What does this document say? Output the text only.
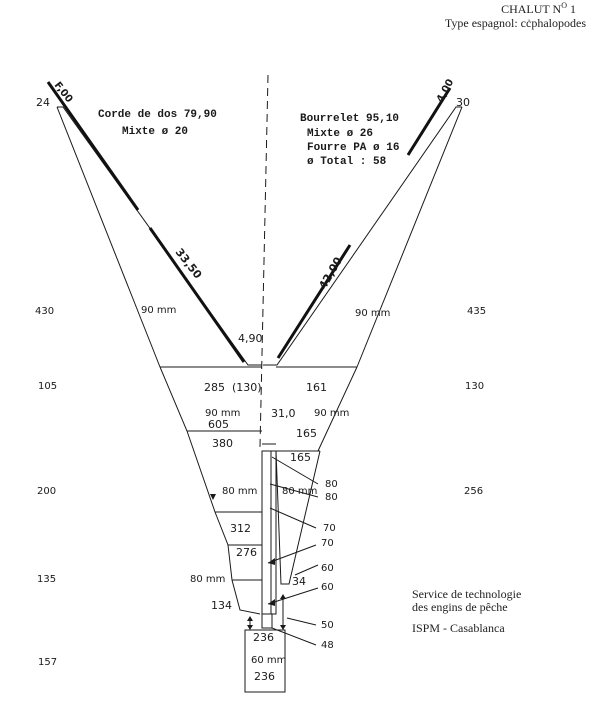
CHALUT $N^O$ 1
Type espagnol: cċphalopodes
24 F,00	30
4,00
Corde de dos 79,90
Mixte ø 20
Bourrelet 95,10
Mixte ø 26
Fourre PA ø 16
ø Total : 58
33,50	42,00
4,90
90 mm	90 mm
90 mm	90 mm
80 mm 80 mm
80 mm
60 mm
285 (130)	161
605
31,0
165
380
165
312
276
34
134
236
236
430
105
200
135
157
435
130
256
80
80
70
70
60
60
50
48
Service de technologie
des engins de pêche
ISPM - Casablanca
